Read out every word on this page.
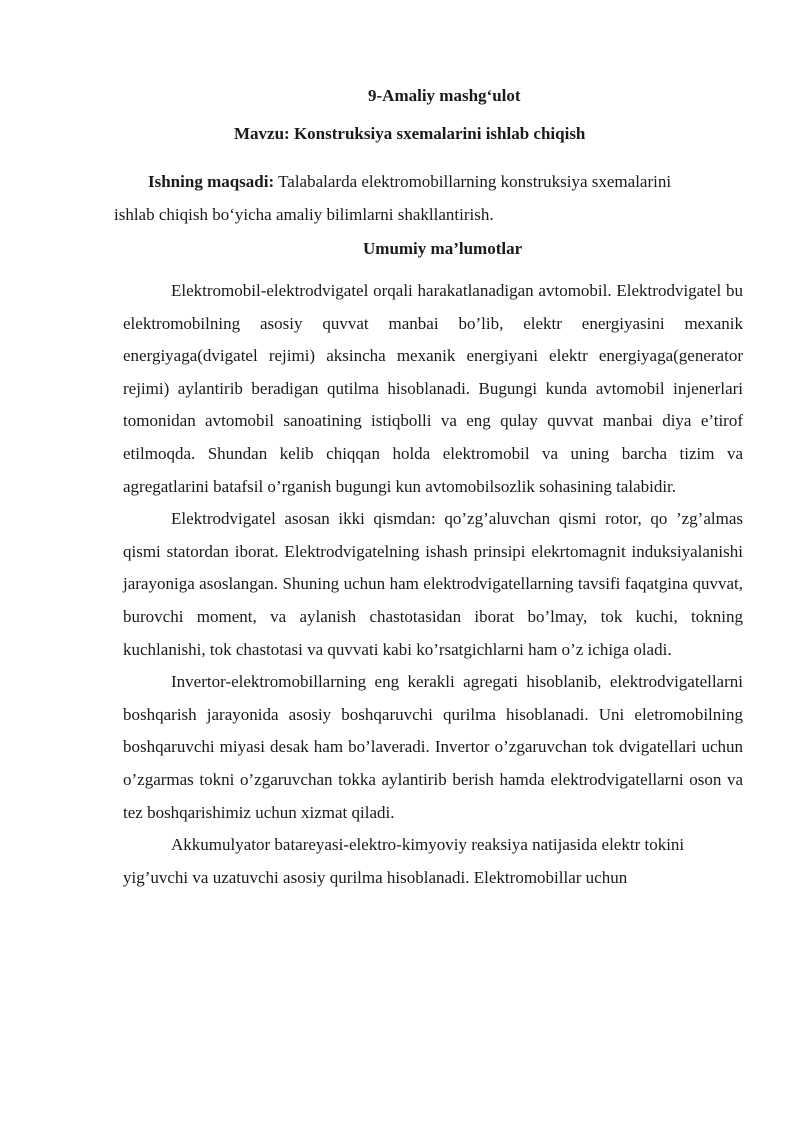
9-Amaliy mashg‘ulot
Mavzu: Konstruksiya sxemalarini ishlab chiqish
Ishning maqsadi: Talabalarda elektromobillarning konstruksiya sxemalarini
ishlab chiqish bo‘yicha amaliy bilimlarni shakllantirish.
Umumiy ma’lumotlar

Elektromobil-elektrodvigatel orqali harakatlanadigan avtomobil. Elektrodvigatel bu elektromobilning asosiy quvvat manbai bo’lib, elektr energiyasini mexanik energiyaga(dvigatel rejimi) aksincha mexanik energiyani elektr energiyaga(generator rejimi) aylantirib beradigan qutilma hisoblanadi. Bugungi kunda avtomobil injenerlari tomonidan avtomobil sanoatining istiqbolli va eng qulay quvvat manbai diya e’tirof etilmoqda. Shundan kelib chiqqan holda elektromobil va uning barcha tizim va agregatlarini batafsil o’rganish bugungi kun avtomobilsozlik sohasining talabidir.

Elektrodvigatel asosan ikki qismdan: qo’zg’aluvchan qismi rotor, qo ’zg’almas qismi statordan iborat. Elektrodvigatelning ishash prinsipi elekrtomagnit induksiyalanishi jarayoniga asoslangan. Shuning uchun ham elektrodvigatellarning tavsifi faqatgina quvvat, burovchi moment, va aylanish chastotasidan iborat bo’lmay, tok kuchi, tokning kuchlanishi, tok chastotasi va quvvati kabi ko’rsatgichlarni ham o’z ichiga oladi.

Invertor-elektromobillarning eng kerakli agregati hisoblanib, elektrodvigatellarni boshqarish jarayonida asosiy boshqaruvchi qurilma hisoblanadi. Uni eletromobilning boshqaruvchi miyasi desak ham bo’laveradi. Invertor o’zgaruvchan tok dvigatellari uchun o’zgarmas tokni o’zgaruvchan tokka aylantirib berish hamda elektrodvigatellarni oson va tez boshqarishimiz uchun xizmat qiladi.

Akkumulyator batareyasi-elektro-kimyoviy reaksiya natijasida elektr tokini yig’uvchi va uzatuvchi asosiy qurilma hisoblanadi. Elektromobillar uchun
